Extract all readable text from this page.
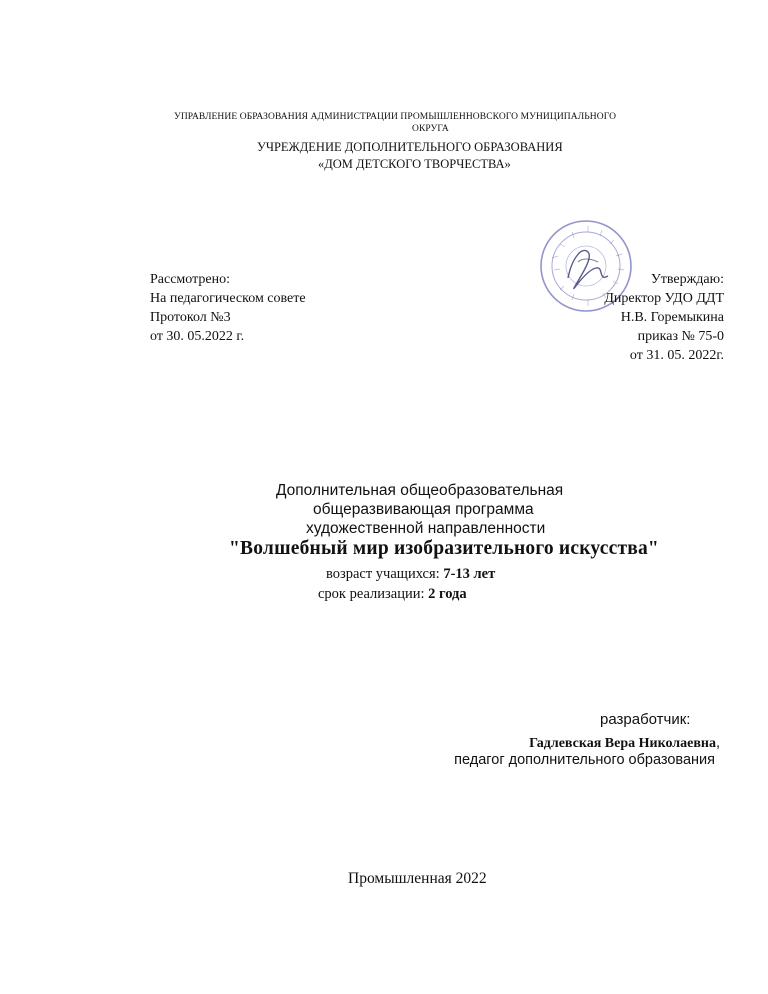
УПРАВЛЕНИЕ ОБРАЗОВАНИЯ АДМИНИСТРАЦИИ ПРОМЫШЛЕННОВСКОГО МУНИЦИПАЛЬНОГО
ОКРУГА
УЧРЕЖДЕНИЕ ДОПОЛНИТЕЛЬНОГО ОБРАЗОВАНИЯ
«ДОМ ДЕТСКОГО ТВОРЧЕСТВА»
Рассмотрено:
На педагогическом совете
Протокол №3
от 30. 05.2022 г.
Утверждаю:
Директор УДО ДДТ
Н.В. Горемыкина
приказ № 75-0
от 31. 05. 2022г.
Дополнительная общеобразовательная
общеразвивающая программа
художественной направленности
"Волшебный мир изобразительного искусства"
возраст учащихся: 7-13 лет
срок реализации: 2 года
разработчик:
Гадлевская Вера Николаевна,
педагог дополнительного образования
Промышленная 2022
